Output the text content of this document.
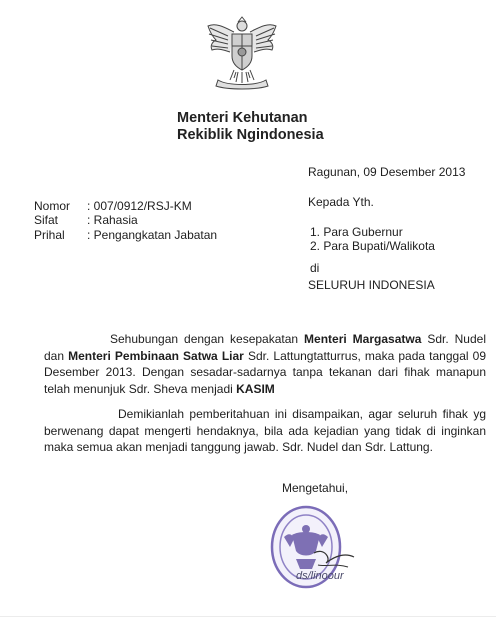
Menteri Kehutanan
Rekiblik Ngindonesia
Ragunan, 09 Desember 2013
Nomor : 007/0912/RSJ-KM
Sifat : Rahasia
Prihal : Pengangkatan Jabatan
Kepada Yth.
1. Para Gubernur
2. Para Bupati/Walikota
di
SELURUH INDONESIA
Sehubungan dengan kesepakatan Menteri Margasatwa Sdr. Nudel dan Menteri Pembinaan Satwa Liar Sdr. Lattungtatturrus, maka pada tanggal 09 Desember 2013. Dengan sesadar-sadarnya tanpa tekanan dari fihak manapun telah menunjuk Sdr. Sheva menjadi KASIM
Demikianlah pemberitahuan ini disampaikan, agar seluruh fihak yg berwenang dapat mengerti hendaknya, bila ada kejadian yang tidak di inginkan maka semua akan menjadi tanggung jawab. Sdr. Nudel dan Sdr. Lattung.
Mengetahui,
ds/linoour
